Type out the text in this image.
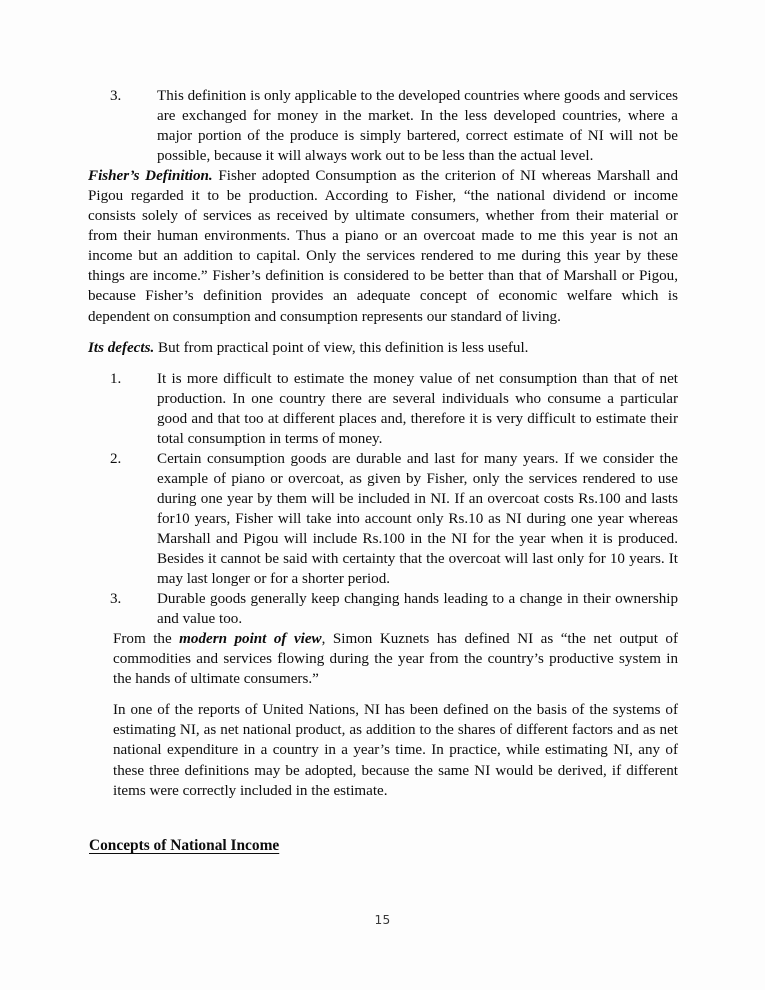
3.	This definition is only applicable to the developed countries where goods and services are exchanged for money in the market. In the less developed countries, where a major portion of the produce is simply bartered, correct estimate of NI will not be possible, because it will always work out to be less than the actual level.

Fisher’s Definition. Fisher adopted Consumption as the criterion of NI whereas Marshall and Pigou regarded it to be production. According to Fisher, “the national dividend or income consists solely of services as received by ultimate consumers, whether from their material or from their human environments. Thus a piano or an overcoat made to me this year is not an income but an addition to capital. Only the services rendered to me during this year by these things are income.” Fisher’s definition is considered to be better than that of Marshall or Pigou, because Fisher’s definition provides an adequate concept of economic welfare which is dependent on consumption and consumption represents our standard of living.

Its defects. But from practical point of view, this definition is less useful.

1.	It is more difficult to estimate the money value of net consumption than that of net production. In one country there are several individuals who consume a particular good and that too at different places and, therefore it is very difficult to estimate their total consumption in terms of money.
2.	Certain consumption goods are durable and last for many years. If we consider the example of piano or overcoat, as given by Fisher, only the services rendered to use during one year by them will be included in NI. If an overcoat costs Rs.100 and lasts for10 years, Fisher will take into account only Rs.10 as NI during one year whereas Marshall and Pigou will include Rs.100 in the NI for the year when it is produced. Besides it cannot be said with certainty that the overcoat will last only for 10 years. It may last longer or for a shorter period.
3.	Durable goods generally keep changing hands leading to a change in their ownership and value too.

From the modern point of view, Simon Kuznets has defined NI as “the net output of commodities and services flowing during the year from the country’s productive system in the hands of ultimate consumers.”

In one of the reports of United Nations, NI has been defined on the basis of the systems of estimating NI, as net national product, as addition to the shares of different factors and as net national expenditure in a country in a year’s time. In practice, while estimating NI, any of these three definitions may be adopted, because the same NI would be derived, if different items were correctly included in the estimate.

Concepts of National Income
15
